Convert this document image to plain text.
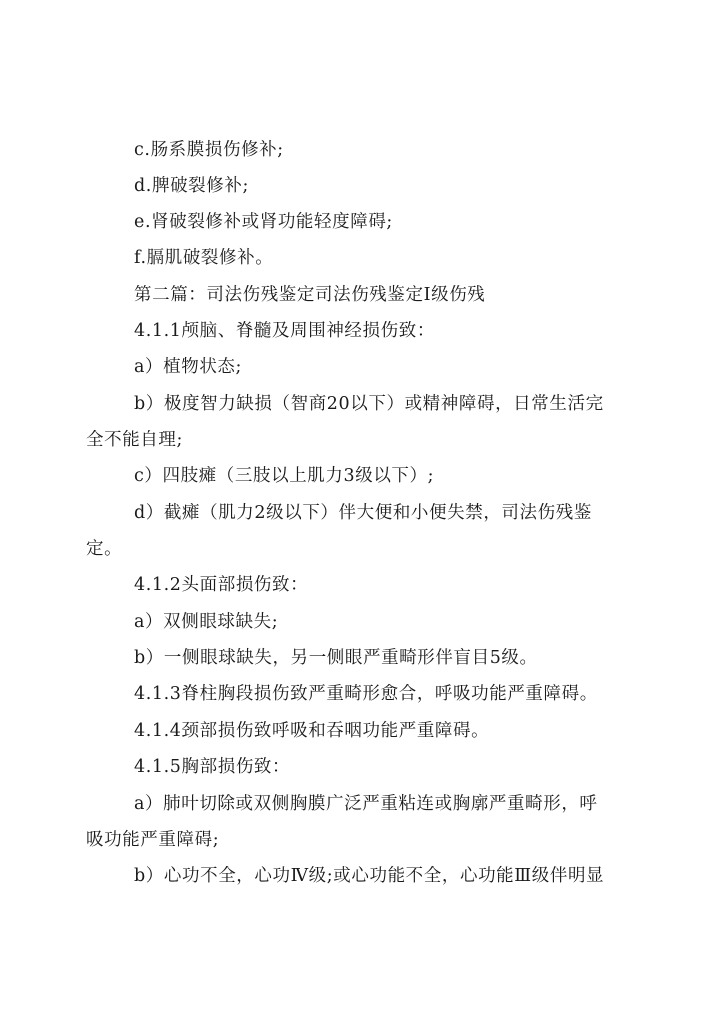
c.肠系膜损伤修补;
d.脾破裂修补;
e.肾破裂修补或肾功能轻度障碍;
f.膈肌破裂修补。
第二篇：司法伤残鉴定司法伤残鉴定Ⅰ级伤残
4.1.1颅脑、脊髓及周围神经损伤致：
a）植物状态;
b）极度智力缺损（智商20以下）或精神障碍，日常生活完
全不能自理;
c）四肢瘫（三肢以上肌力3级以下）;
d）截瘫（肌力2级以下）伴大便和小便失禁，司法伤残鉴
定。
4.1.2头面部损伤致：
a）双侧眼球缺失;
b）一侧眼球缺失，另一侧眼严重畸形伴盲目5级。
4.1.3脊柱胸段损伤致严重畸形愈合，呼吸功能严重障碍。
4.1.4颈部损伤致呼吸和吞咽功能严重障碍。
4.1.5胸部损伤致：
a）肺叶切除或双侧胸膜广泛严重粘连或胸廓严重畸形，呼
吸功能严重障碍;
b）心功不全，心功Ⅳ级;或心功能不全，心功能Ⅲ级伴明显
